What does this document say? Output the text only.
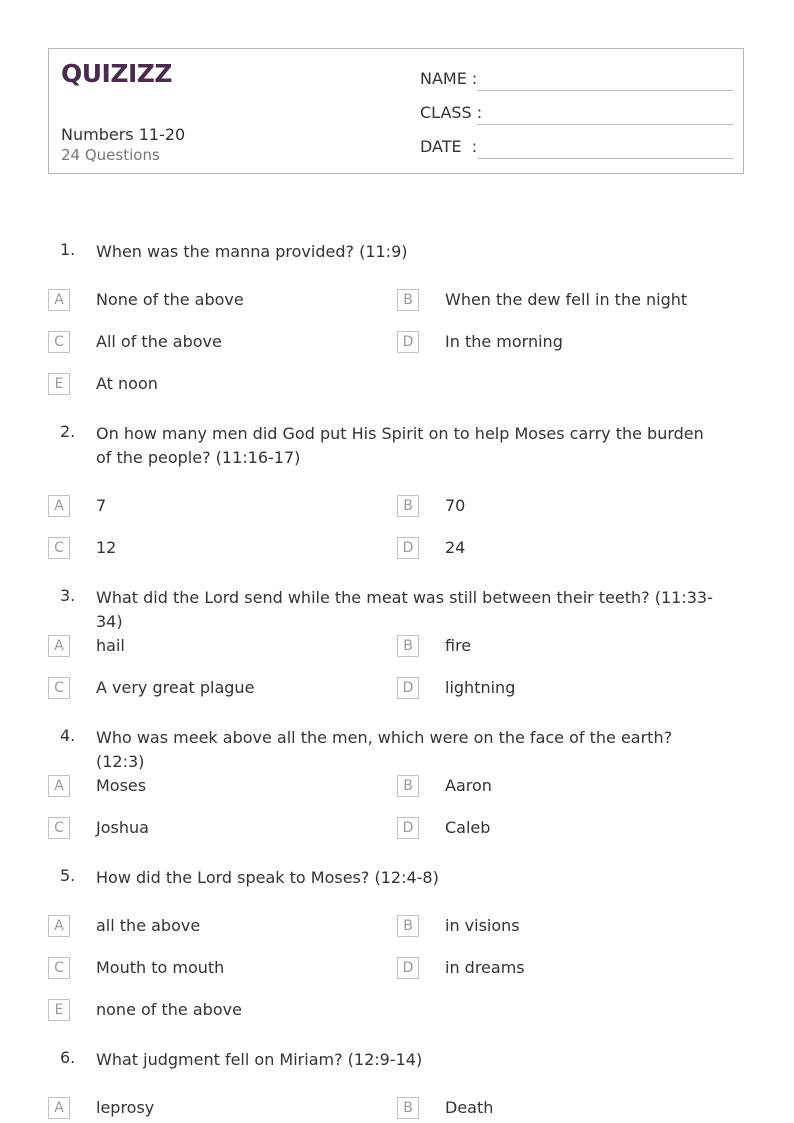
QUIZIZZ
Numbers 11-20
24 Questions
NAME :
CLASS :
DATE  :
1. When was the manna provided? (11:9)
A	None of the above	B	When the dew fell in the night
C	All of the above	D	In the morning
E	At noon
2. On how many men did God put His Spirit on to help Moses carry the burden of the people? (11:16-17)
A	7	B	70
C	12	D	24
3. What did the Lord send while the meat was still between their teeth? (11:33-34)
A	hail	B	fire
C	A very great plague	D	lightning
4. Who was meek above all the men, which were on the face of the earth? (12:3)
A	Moses	B	Aaron
C	Joshua	D	Caleb
5. How did the Lord speak to Moses? (12:4-8)
A	all the above	B	in visions
C	Mouth to mouth	D	in dreams
E	none of the above
6. What judgment fell on Miriam? (12:9-14)
A	leprosy	B	Death
